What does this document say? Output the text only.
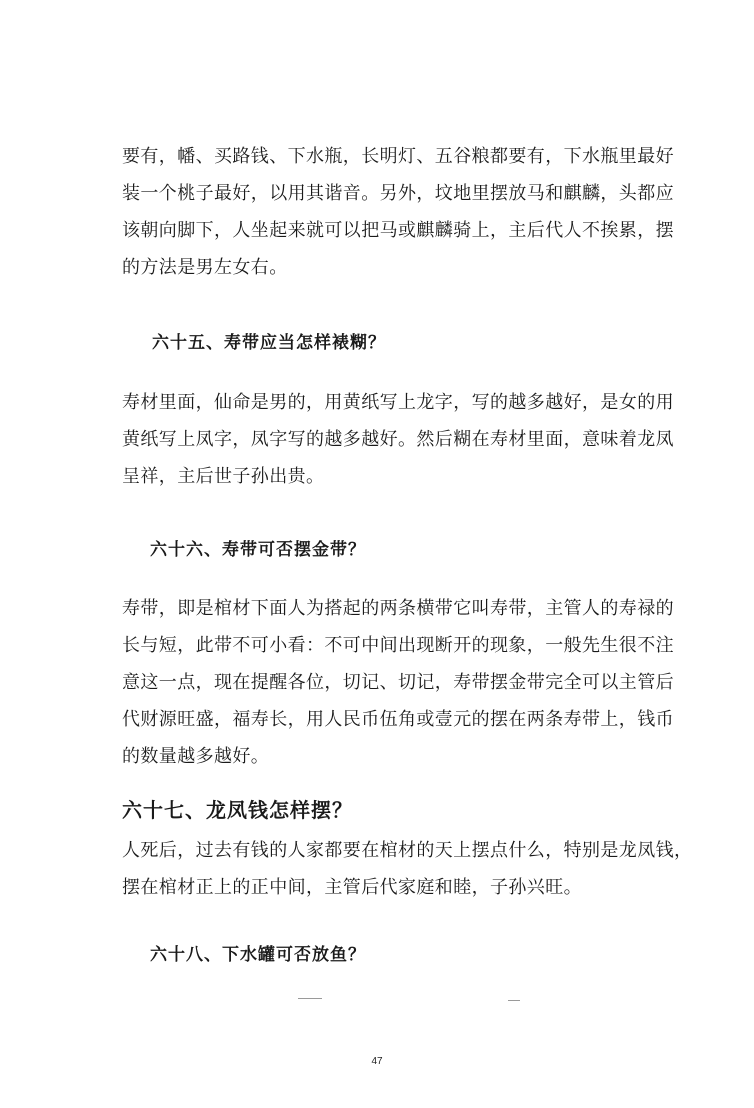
要有，幡、买路钱、下水瓶，长明灯、五谷粮都要有，下水瓶里最好
装一个桃子最好，以用其谐音。另外，坟地里摆放马和麒麟，头都应
该朝向脚下，人坐起来就可以把马或麒麟骑上，主后代人不挨累，摆
的方法是男左女右。
六十五、寿带应当怎样裱糊？
寿材里面，仙命是男的，用黄纸写上龙字，写的越多越好，是女的用
黄纸写上凤字，凤字写的越多越好。然后糊在寿材里面，意味着龙凤
呈祥，主后世子孙出贵。
六十六、寿带可否摆金带？
寿带，即是棺材下面人为搭起的两条横带它叫寿带，主管人的寿禄的
长与短，此带不可小看：不可中间出现断开的现象，一般先生很不注
意这一点，现在提醒各位，切记、切记，寿带摆金带完全可以主管后
代财源旺盛，福寿长，用人民币伍角或壹元的摆在两条寿带上，钱币
的数量越多越好。
六十七、龙凤钱怎样摆？
人死后，过去有钱的人家都要在棺材的天上摆点什么，特别是龙凤钱，
摆在棺材正上的正中间，主管后代家庭和睦，子孙兴旺。
六十八、下水罐可否放鱼？
47
